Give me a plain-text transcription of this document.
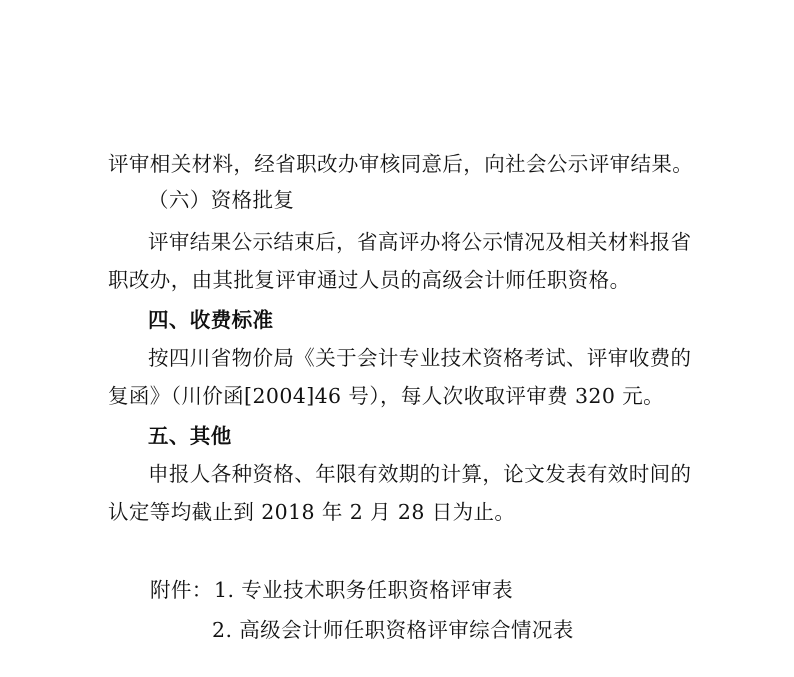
评审相关材料，经省职改办审核同意后，向社会公示评审结果。
（六）资格批复
评审结果公示结束后，省高评办将公示情况及相关材料报省
职改办，由其批复评审通过人员的高级会计师任职资格。
四、收费标准
按四川省物价局《关于会计专业技术资格考试、评审收费的
复函》（川价函[2004]46 号），每人次收取评审费 320 元。
五、其他
申报人各种资格、年限有效期的计算，论文发表有效时间的
认定等均截止到 2018 年 2 月 28 日为止。
附件： 1. 专业技术职务任职资格评审表
2. 高级会计师任职资格评审综合情况表
